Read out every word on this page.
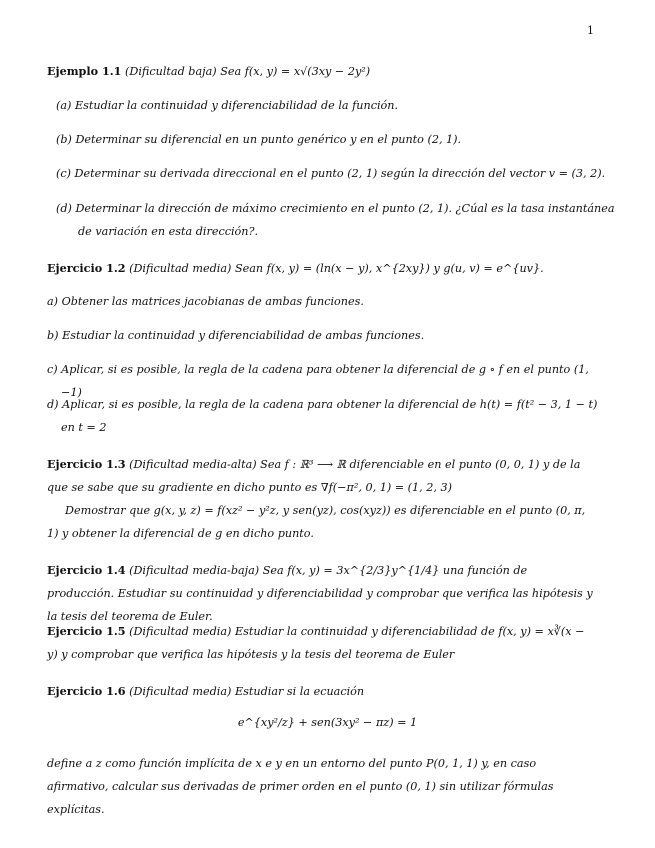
1
Ejemplo 1.1 (Dificultad baja) Sea f(x, y) = x√(3xy − 2y²)
(a) Estudiar la continuidad y diferenciabilidad de la función.
(b) Determinar su diferencial en un punto genérico y en el punto (2, 1).
(c) Determinar su derivada direccional en el punto (2, 1) según la dirección del vector v = (3, 2).
(d) Determinar la dirección de máximo crecimiento en el punto (2, 1). ¿Cúal es la tasa instantánea de variación en esta dirección?.
Ejercicio 1.2 (Dificultad media) Sean f(x, y) = (ln(x − y), x^{2xy}) y g(u, v) = e^{uv}.
a) Obtener las matrices jacobianas de ambas funciones.
b) Estudiar la continuidad y diferenciabilidad de ambas funciones.
c) Aplicar, si es posible, la regla de la cadena para obtener la diferencial de g ∘ f en el punto (1, −1)
d) Aplicar, si es posible, la regla de la cadena para obtener la diferencial de h(t) = f(t² − 3, 1 − t) en t = 2
Ejercicio 1.3 (Dificultad media-alta) Sea f : ℝ³ ⟶ ℝ diferenciable en el punto (0, 0, 1) y de la que se sabe que su gradiente en dicho punto es ∇f(−π², 0, 1) = (1, 2, 3)
Demostrar que g(x, y, z) = f(xz² − y²z, y sen(yz), cos(xyz)) es diferenciable en el punto (0, π, 1) y obtener la diferencial de g en dicho punto.
Ejercicio 1.4 (Dificultad media-baja) Sea f(x, y) = 3x^{2/3}y^{1/4} una función de producción. Estudiar su continuidad y diferenciabilidad y comprobar que verifica las hipótesis y la tesis del teorema de Euler.
Ejercicio 1.5 (Dificultad media) Estudiar la continuidad y diferenciabilidad de f(x, y) = x∛(x − y) y comprobar que verifica las hipótesis y la tesis del teorema de Euler
Ejercicio 1.6 (Dificultad media) Estudiar si la ecuación
e^{xy²/z} + sen(3xy² − πz) = 1
define a z como función implícita de x e y en un entorno del punto P(0, 1, 1) y, en caso afirmativo, calcular sus derivadas de primer orden en el punto (0, 1) sin utilizar fórmulas explícitas.
